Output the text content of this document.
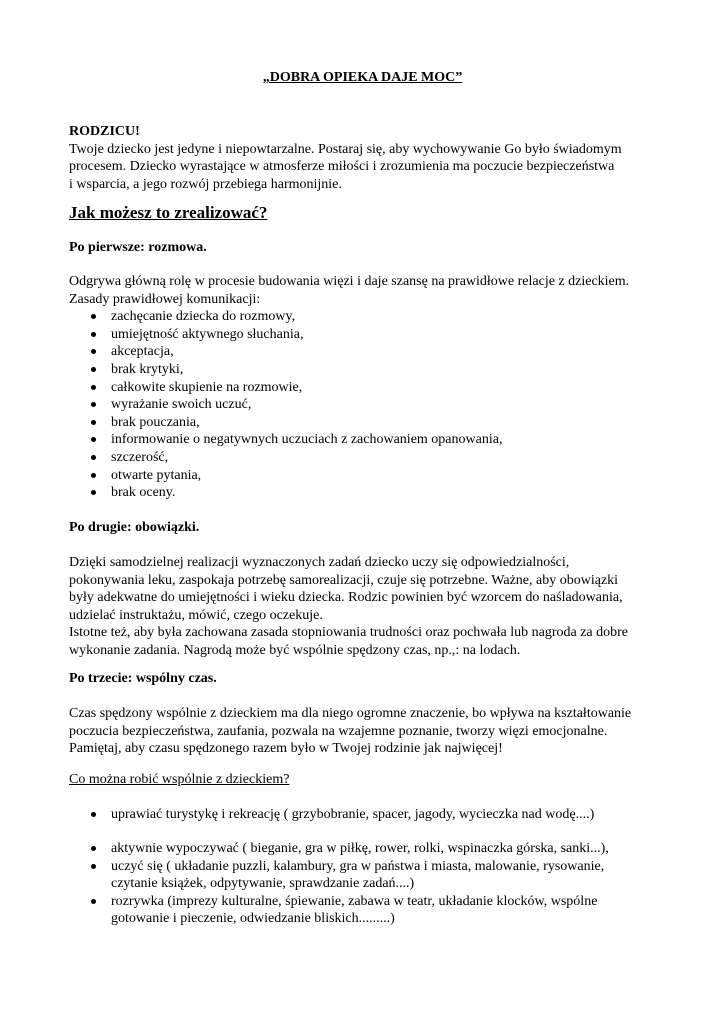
„DOBRA OPIEKA DAJE MOC”
RODZICU!
Twoje dziecko jest jedyne i niepowtarzalne. Postaraj się, aby wychowywanie Go było świadomym
procesem. Dziecko wyrastające w atmosferze miłości i zrozumienia ma poczucie bezpieczeństwa
i wsparcia, a jego rozwój przebiega harmonijnie.
Jak możesz to zrealizować?
Po pierwsze: rozmowa.
Odgrywa główną rolę w procesie budowania więzi i daje szansę na prawidłowe relacje z dzieckiem.
Zasady prawidłowej komunikacji:
zachęcanie dziecka do rozmowy,
umiejętność aktywnego słuchania,
akceptacja,
brak krytyki,
całkowite skupienie na rozmowie,
wyrażanie swoich uczuć,
brak pouczania,
informowanie o negatywnych uczuciach z zachowaniem opanowania,
szczerość,
otwarte pytania,
brak oceny.
Po drugie: obowiązki.
Dzięki samodzielnej realizacji wyznaczonych zadań dziecko uczy się odpowiedzialności,
pokonywania leku, zaspokaja potrzebę samorealizacji, czuje się potrzebne. Ważne, aby obowiązki
były adekwatne do umiejętności i wieku dziecka. Rodzic powinien być wzorcem do naśladowania,
udzielać instruktażu, mówić, czego oczekuje.
Istotne też, aby była zachowana zasada stopniowania trudności oraz pochwała lub nagroda za dobre
wykonanie zadania. Nagrodą może być wspólnie spędzony czas, np.,: na lodach.
Po trzecie: wspólny czas.
Czas spędzony wspólnie z dzieckiem ma dla niego ogromne znaczenie, bo wpływa na kształtowanie
poczucia bezpieczeństwa, zaufania, pozwala na wzajemne poznanie, tworzy więzi emocjonalne.
Pamiętaj, aby czasu spędzonego razem było w Twojej rodzinie jak najwięcej!
Co można robić wspólnie z dzieckiem?
uprawiać turystykę i rekreację ( grzybobranie, spacer, jagody, wycieczka nad wodę....)
aktywnie wypoczywać ( bieganie, gra w piłkę, rower, rolki, wspinaczka górska, sanki...),
uczyć się ( układanie puzzli, kalambury, gra w państwa i miasta, malowanie, rysowanie,
czytanie książek, odpytywanie, sprawdzanie zadań....)
rozrywka (imprezy kulturalne, śpiewanie, zabawa w teatr, układanie klocków, wspólne
gotowanie i pieczenie, odwiedzanie bliskich.........)
